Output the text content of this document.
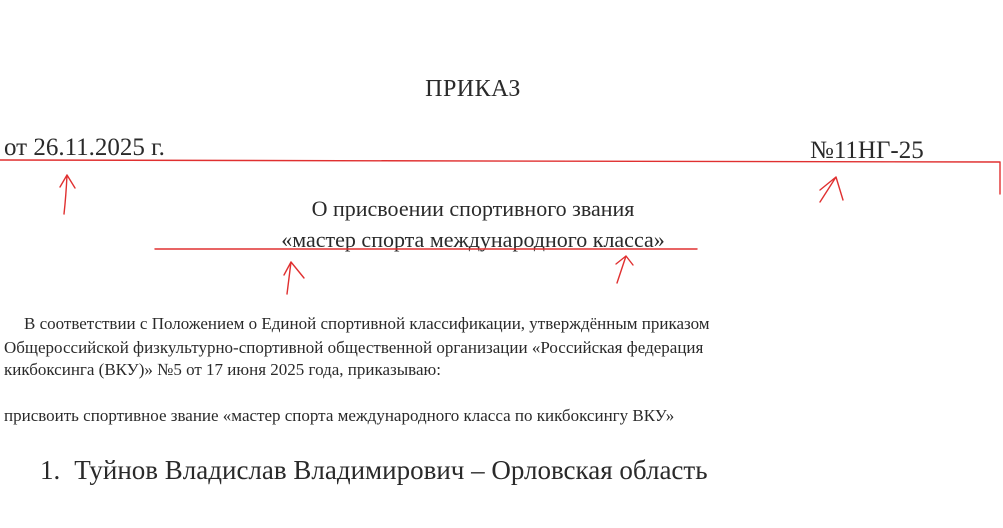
ПРИКАЗ
от 26.11.2025 г.	№11НГ-25
О присвоении спортивного звания
«мастер спорта международного класса»
В соответствии с Положением о Единой спортивной классификации, утверждённым приказом
Общероссийской физкультурно-спортивной общественной организации «Российская федерация
кикбоксинга (ВКУ)» №5 от 17 июня 2025 года, приказываю:
присвоить спортивное звание «мастер спорта международного класса по кикбоксингу ВКУ»
1. Туйнов Владислав Владимирович – Орловская область
